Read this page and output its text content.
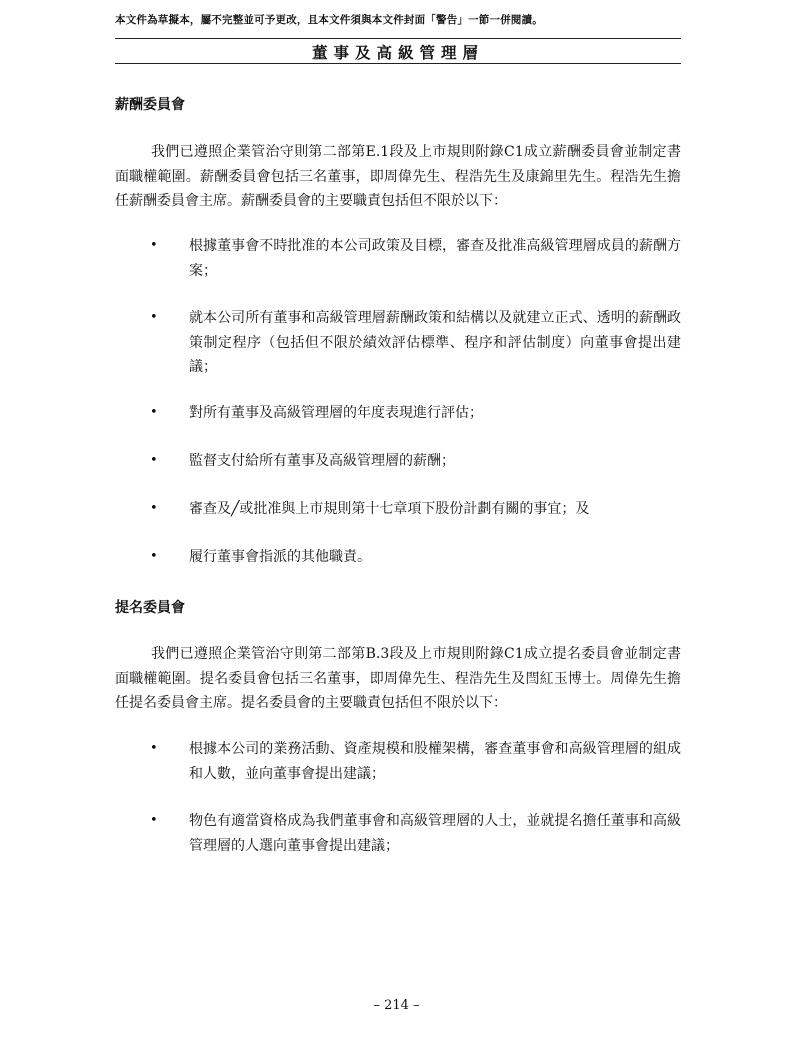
本文件為草擬本，屬不完整並可予更改，且本文件須與本文件封面「警告」一節一併閱讀。
董事及高級管理層
薪酬委員會

我們已遵照企業管治守則第二部第E.1段及上市規則附錄C1成立薪酬委員會並制定書面職權範圍。薪酬委員會包括三名董事，即周偉先生、程浩先生及康錦里先生。程浩先生擔任薪酬委員會主席。薪酬委員會的主要職責包括但不限於以下：

•	根據董事會不時批准的本公司政策及目標，審查及批准高級管理層成員的薪酬方案；
•	就本公司所有董事和高級管理層薪酬政策和結構以及就建立正式、透明的薪酬政策制定程序（包括但不限於績效評估標準、程序和評估制度）向董事會提出建議；
•	對所有董事及高級管理層的年度表現進行評估；
•	監督支付給所有董事及高級管理層的薪酬；
•	審查及╱或批准與上市規則第十七章項下股份計劃有關的事宜；及
•	履行董事會指派的其他職責。
提名委員會

我們已遵照企業管治守則第二部第B.3段及上市規則附錄C1成立提名委員會並制定書面職權範圍。提名委員會包括三名董事，即周偉先生、程浩先生及閆紅玉博士。周偉先生擔任提名委員會主席。提名委員會的主要職責包括但不限於以下：

•	根據本公司的業務活動、資產規模和股權架構，審查董事會和高級管理層的組成和人數，並向董事會提出建議；
•	物色有適當資格成為我們董事會和高級管理層的人士，並就提名擔任董事和高級管理層的人選向董事會提出建議；
– 214 –
